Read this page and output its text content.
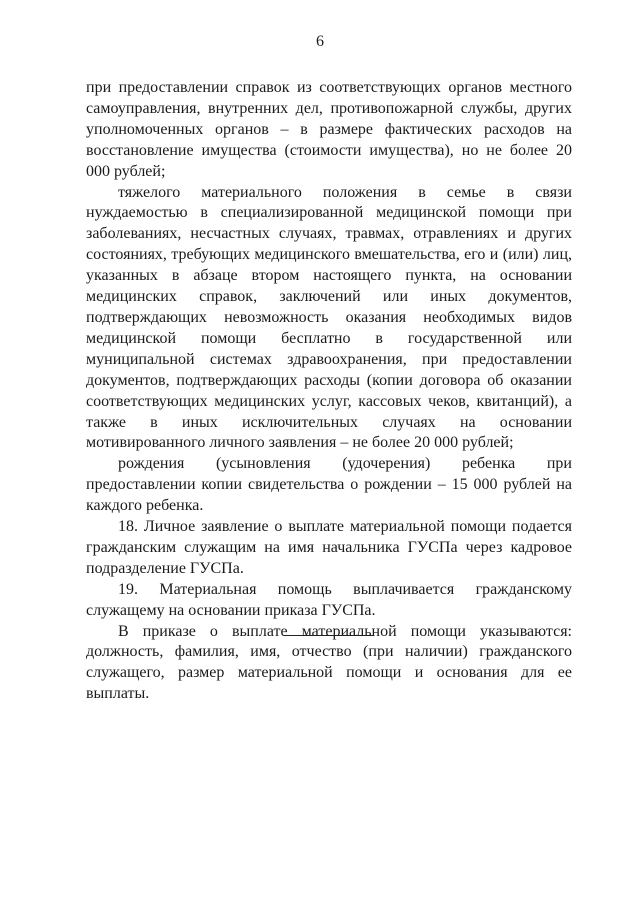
6

при предоставлении справок из соответствующих органов местного самоуправления, внутренних дел, противопожарной службы, других уполномоченных органов – в размере фактических расходов на восстановление имущества (стоимости имущества), но не более 20 000 рублей;

тяжелого материального положения в семье в связи нуждаемостью в специализированной медицинской помощи при заболеваниях, несчастных случаях, травмах, отравлениях и других состояниях, требующих медицинского вмешательства, его и (или) лиц, указанных в абзаце втором настоящего пункта, на основании медицинских справок, заключений или иных документов, подтверждающих невозможность оказания необходимых видов медицинской помощи бесплатно в государственной или муниципальной системах здравоохранения, при предоставлении документов, подтверждающих расходы (копии договора об оказании соответствующих медицинских услуг, кассовых чеков, квитанций), а также в иных исключительных случаях на основании мотивированного личного заявления – не более 20 000 рублей;

рождения (усыновления (удочерения) ребенка при предоставлении копии свидетельства о рождении – 15 000 рублей на каждого ребенка.

18. Личное заявление о выплате материальной помощи подается гражданским служащим на имя начальника ГУСПа через кадровое подразделение ГУСПа.

19. Материальная помощь выплачивается гражданскому служащему на основании приказа ГУСПа.

В приказе о выплате материальной помощи указываются: должность, фамилия, имя, отчество (при наличии) гражданского служащего, размер материальной помощи и основания для ее выплаты.
